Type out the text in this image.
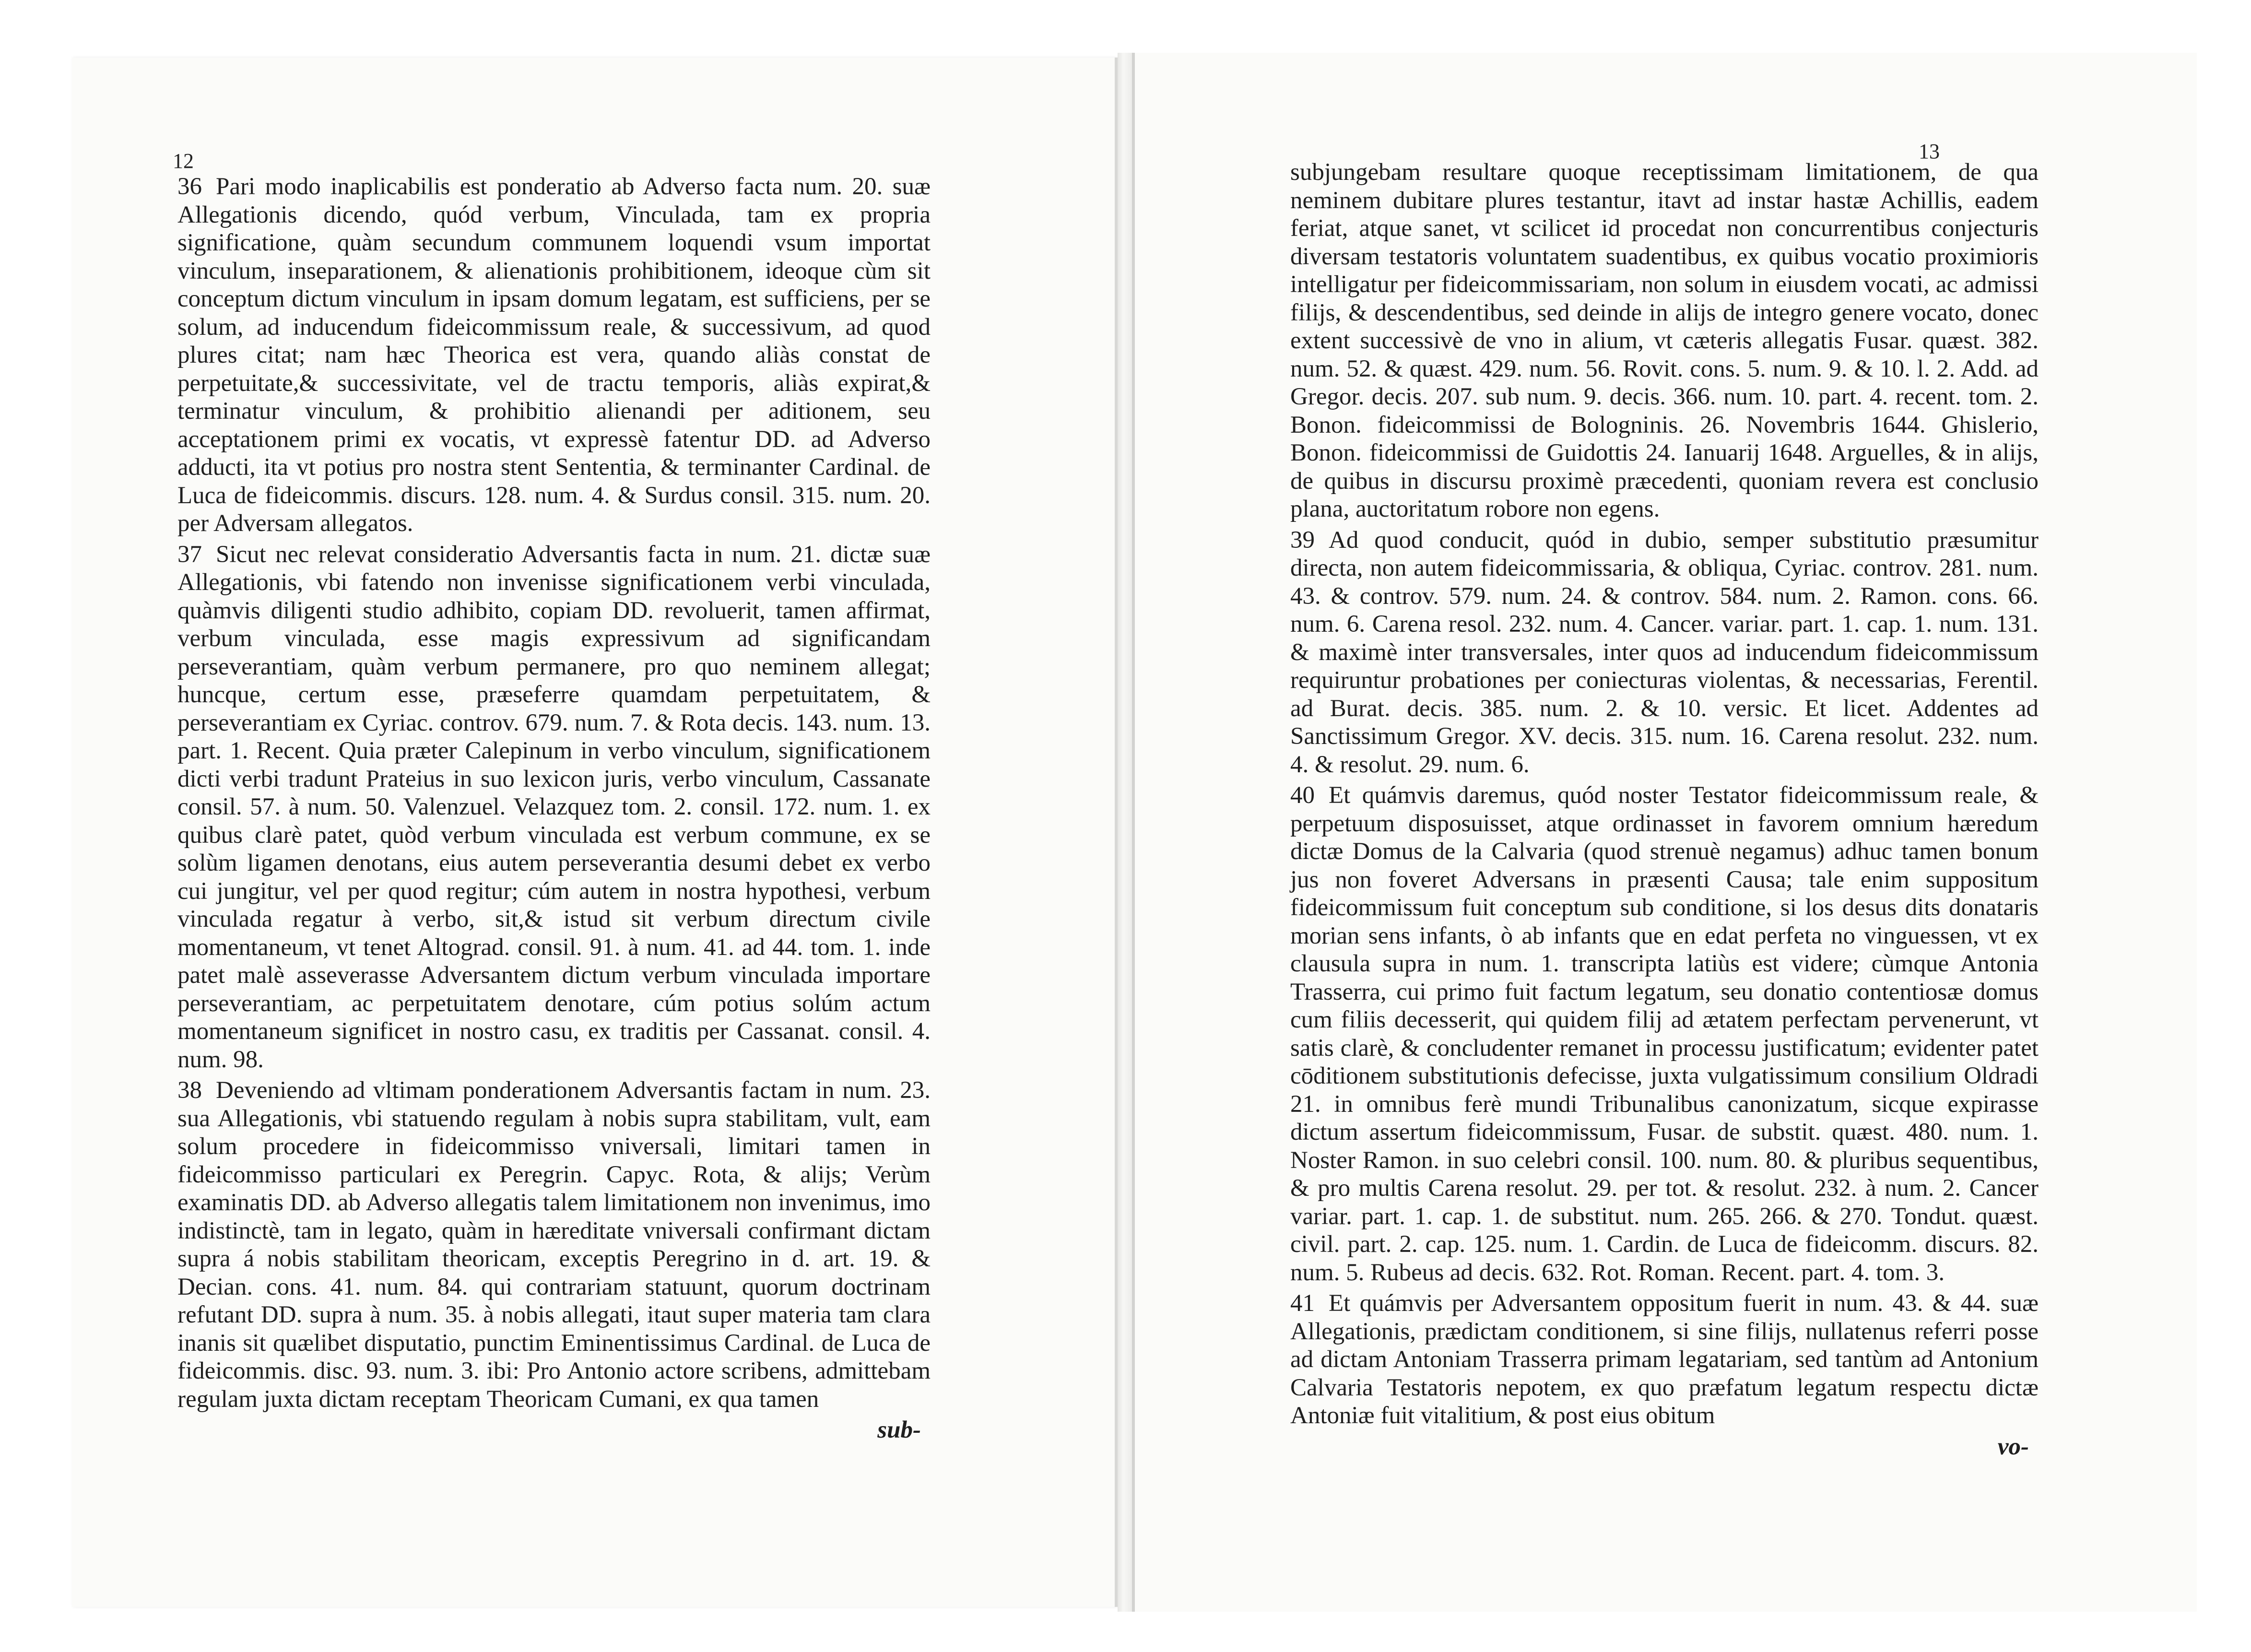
12	13

36 Pari modo inaplicabilis est ponderatio ab Adverso facta num. 20. suæ Allegationis dicendo, quód verbum, Vinculada, tam ex propria significatione, quàm secundum communem loquendi vsum importat vinculum, inseparationem, & alienationis prohibitionem, ideoque cùm sit conceptum dictum vinculum in ipsam domum legatam, est sufficiens, per se solum, ad inducendum fideicommissum reale, & successivum, ad quod plures citat; nam hæc Theorica est vera, quando aliàs constat de perpetuitate,& successivitate, vel de tractu temporis, aliàs expirat,& terminatur vinculum, & prohibitio alienandi per aditionem, seu acceptationem primi ex vocatis, vt expressè fatentur DD. ad Adverso adducti, ita vt potius pro nostra stent Sententia, & terminanter Cardinal. de Luca de fideicommis. discurs. 128. num. 4. & Surdus consil. 315. num. 20. per Adversam allegatos.

37 Sicut nec relevat consideratio Adversantis facta in num. 21. dictæ suæ Allegationis, vbi fatendo non invenisse significationem verbi vinculada, quàmvis diligenti studio adhibito, copiam DD. revoluerit, tamen affirmat, verbum vinculada, esse magis expressivum ad significandam perseverantiam, quàm verbum permanere, pro quo neminem allegat; huncque, certum esse, præseferre quamdam perpetuitatem, & perseverantiam ex Cyriac. controv. 679. num. 7. & Rota decis. 143. num. 13. part. 1. Recent. Quia præter Calepinum in verbo vinculum, significationem dicti verbi tradunt Prateius in suo lexicon juris, verbo vinculum, Cassanate consil. 57. à num. 50. Valenzuel. Velazquez tom. 2. consil. 172. num. 1. ex quibus clarè patet, quòd verbum vinculada est verbum commune, ex se solùm ligamen denotans, eius autem perseverantia desumi debet ex verbo cui jungitur, vel per quod regitur; cúm autem in nostra hypothesi, verbum vinculada regatur à verbo, sit,& istud sit verbum directum civile momentaneum, vt tenet Altograd. consil. 91. à num. 41. ad 44. tom. 1. inde patet malè asseverasse Adversantem dictum verbum vinculada importare perseverantiam, ac perpetuitatem denotare, cúm potius solúm actum momentaneum significet in nostro casu, ex traditis per Cassanat. consil. 4. num. 98.

38 Deveniendo ad vltimam ponderationem Adversantis factam in num. 23. sua Allegationis, vbi statuendo regulam à nobis supra stabilitam, vult, eam solum procedere in fideicommisso vniversali, limitari tamen in fideicommisso particulari ex Peregrin. Capyc. Rota, & alijs; Verùm examinatis DD. ab Adverso allegatis talem limitationem non invenimus, imo indistinctè, tam in legato, quàm in hæreditate vniversali confirmant dictam supra á nobis stabilitam theoricam, exceptis Peregrino in d. art. 19. & Decian. cons. 41. num. 84. qui contrariam statuunt, quorum doctrinam refutant DD. supra à num. 35. à nobis allegati, itaut super materia tam clara inanis sit quælibet disputatio, punctim Eminentissimus Cardinal. de Luca de fideicommis. disc. 93. num. 3. ibi: Pro Antonio actore scribens, admittebam regulam juxta dictam receptam Theoricam Cumani, ex qua tamen

sub-

subjungebam resultare quoque receptissimam limitationem, de qua neminem dubitare plures testantur, itavt ad instar hastæ Achillis, eadem feriat, atque sanet, vt scilicet id procedat non concurrentibus conjecturis diversam testatoris voluntatem suadentibus, ex quibus vocatio proximioris intelligatur per fideicommissariam, non solum in eiusdem vocati, ac admissi filijs, & descendentibus, sed deinde in alijs de integro genere vocato, donec extent successivè de vno in alium, vt cæteris allegatis Fusar. quæst. 382. num. 52. & quæst. 429. num. 56. Rovit. cons. 5. num. 9. & 10. l. 2. Add. ad Gregor. decis. 207. sub num. 9. decis. 366. num. 10. part. 4. recent. tom. 2. Bonon. fideicommissi de Bologninis. 26. Novembris 1644. Ghislerio, Bonon. fideicommissi de Guidottis 24. Ianuarij 1648. Arguelles, & in alijs, de quibus in discursu proximè præcedenti, quoniam revera est conclusio plana, auctoritatum robore non egens.

39 Ad quod conducit, quód in dubio, semper substitutio præsumitur directa, non autem fideicommissaria, & obliqua, Cyriac. controv. 281. num. 43. & controv. 579. num. 24. & controv. 584. num. 2. Ramon. cons. 66. num. 6. Carena resol. 232. num. 4. Cancer. variar. part. 1. cap. 1. num. 131. & maximè inter transversales, inter quos ad inducendum fideicommissum requiruntur probationes per coniecturas violentas, & necessarias, Ferentil. ad Burat. decis. 385. num. 2. & 10. versic. Et licet. Addentes ad Sanctissimum Gregor. XV. decis. 315. num. 16. Carena resolut. 232. num. 4. & resolut. 29. num. 6.

40 Et quámvis daremus, quód noster Testator fideicommissum reale, & perpetuum disposuisset, atque ordinasset in favorem omnium hæredum dictæ Domus de la Calvaria (quod strenuè negamus) adhuc tamen bonum jus non foveret Adversans in præsenti Causa; tale enim suppositum fideicommissum fuit conceptum sub conditione, si los desus dits donataris morian sens infants, ò ab infants que en edat perfeta no vinguessen, vt ex clausula supra in num. 1. transcripta latiùs est videre; cùmque Antonia Trasserra, cui primo fuit factum legatum, seu donatio contentiosæ domus cum filiis decesserit, qui quidem filij ad ætatem perfectam pervenerunt, vt satis clarè, & concludenter remanet in processu justificatum; evidenter patet cōditionem substitutionis defecisse, juxta vulgatissimum consilium Oldradi 21. in omnibus ferè mundi Tribunalibus canonizatum, sicque expirasse dictum assertum fideicommissum, Fusar. de substit. quæst. 480. num. 1. Noster Ramon. in suo celebri consil. 100. num. 80. & pluribus sequentibus, & pro multis Carena resolut. 29. per tot. & resolut. 232. à num. 2. Cancer variar. part. 1. cap. 1. de substitut. num. 265. 266. & 270. Tondut. quæst. civil. part. 2. cap. 125. num. 1. Cardin. de Luca de fideicomm. discurs. 82. num. 5. Rubeus ad decis. 632. Rot. Roman. Recent. part. 4. tom. 3.

41 Et quámvis per Adversantem oppositum fuerit in num. 43. & 44. suæ Allegationis, prædictam conditionem, si sine filijs, nullatenus referri posse ad dictam Antoniam Trasserra primam legatariam, sed tantùm ad Antonium Calvaria Testatoris nepotem, ex quo præfatum legatum respectu dictæ Antoniæ fuit vitalitium, & post eius obitum

vo-
